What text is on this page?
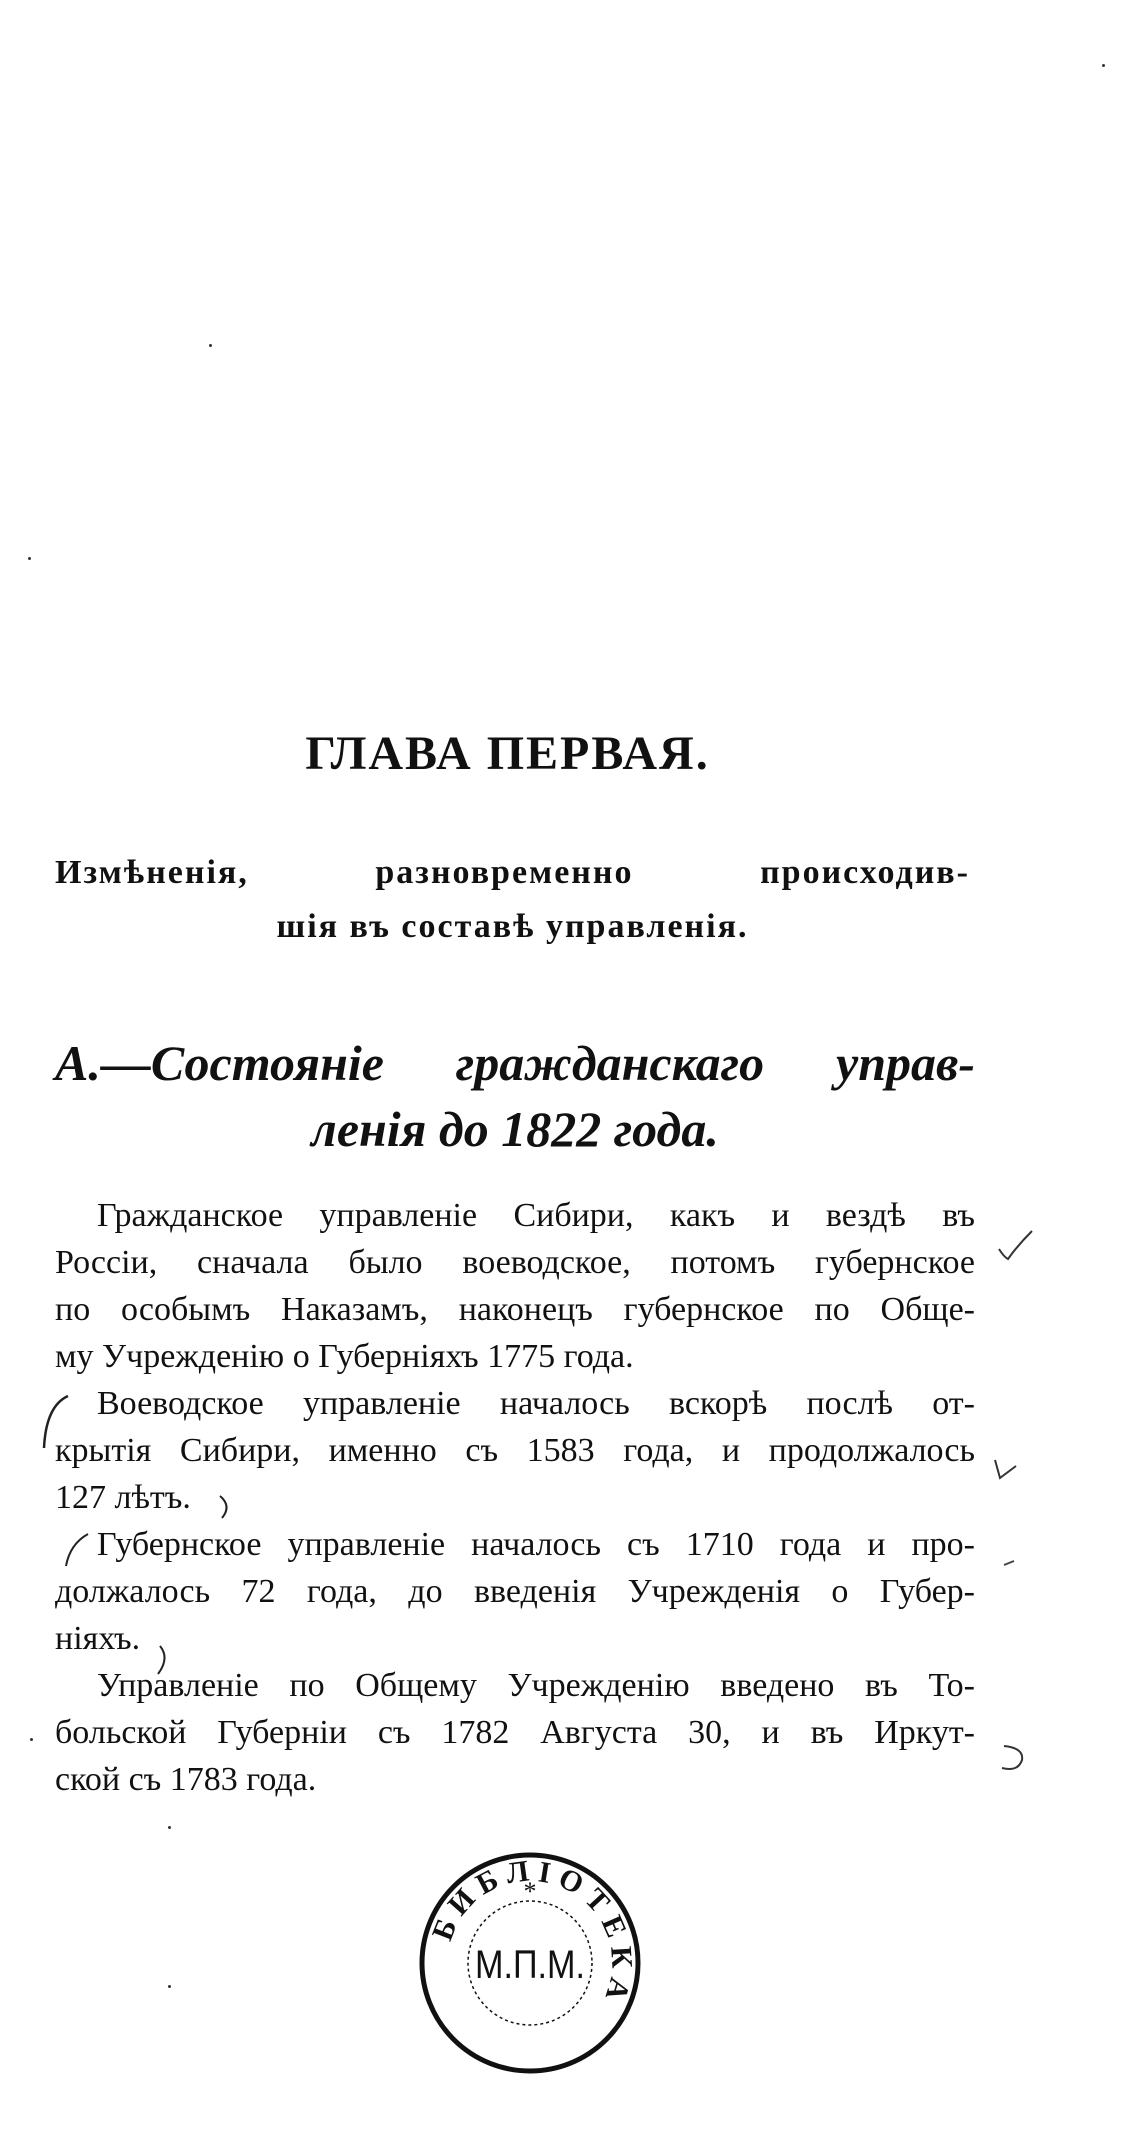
ГЛАВА ПЕРВАЯ.
Измѣненія, разновременно происходив-
шія въ составѣ управленія.
А.—Состояніе гражданскаго управ-
ленія до 1822 года.
Гражданское управленіе Сибири, какъ и вездѣ въ
Россіи, сначала было воеводское, потомъ губернское
по особымъ Наказамъ, наконецъ губернское по Обще-
му Учрежденію о Губерніяхъ 1775 года.
Воеводское управленіе началось вскорѣ послѣ от-
крытія Сибири, именно съ 1583 года, и продолжалось
127 лѣтъ.
Губернское управленіе началось съ 1710 года и про-
должалось 72 года, до введенія Учрежденія о Губер-
ніяхъ.
Управленіе по Общему Учрежденію введено въ То-
больской Губерніи съ 1782 Августа 30, и въ Иркут-
ской съ 1783 года.
Б И Б Л І О Т Е К А
*
М.П.М.
